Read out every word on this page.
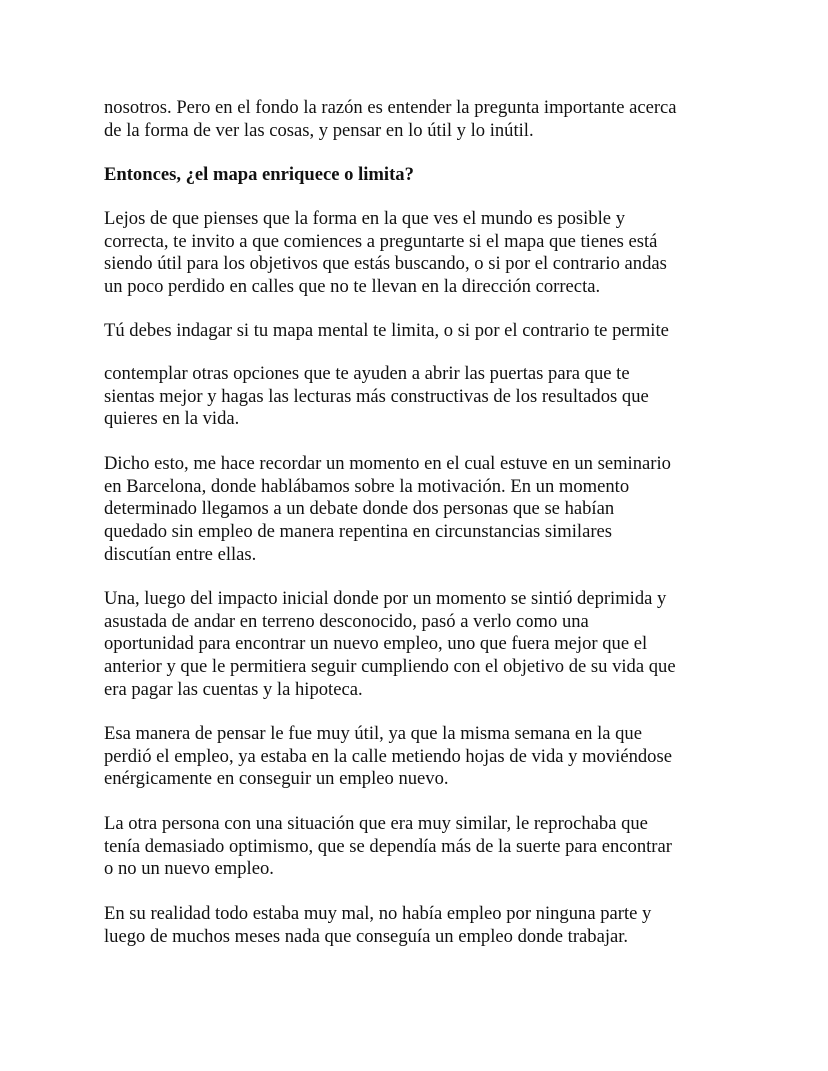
nosotros. Pero en el fondo la razón es entender la pregunta importante acerca
de la forma de ver las cosas, y pensar en lo útil y lo inútil.

Entonces, ¿el mapa enriquece o limita?

Lejos de que pienses que la forma en la que ves el mundo es posible y
correcta, te invito a que comiences a preguntarte si el mapa que tienes está
siendo útil para los objetivos que estás buscando, o si por el contrario andas
un poco perdido en calles que no te llevan en la dirección correcta.

Tú debes indagar si tu mapa mental te limita, o si por el contrario te permite

contemplar otras opciones que te ayuden a abrir las puertas para que te
sientas mejor y hagas las lecturas más constructivas de los resultados que
quieres en la vida.

Dicho esto, me hace recordar un momento en el cual estuve en un seminario
en Barcelona, donde hablábamos sobre la motivación. En un momento
determinado llegamos a un debate donde dos personas que se habían
quedado sin empleo de manera repentina en circunstancias similares
discutían entre ellas.

Una, luego del impacto inicial donde por un momento se sintió deprimida y
asustada de andar en terreno desconocido, pasó a verlo como una
oportunidad para encontrar un nuevo empleo, uno que fuera mejor que el
anterior y que le permitiera seguir cumpliendo con el objetivo de su vida que
era pagar las cuentas y la hipoteca.

Esa manera de pensar le fue muy útil, ya que la misma semana en la que
perdió el empleo, ya estaba en la calle metiendo hojas de vida y moviéndose
enérgicamente en conseguir un empleo nuevo.

La otra persona con una situación que era muy similar, le reprochaba que
tenía demasiado optimismo, que se dependía más de la suerte para encontrar
o no un nuevo empleo.

En su realidad todo estaba muy mal, no había empleo por ninguna parte y
luego de muchos meses nada que conseguía un empleo donde trabajar.
